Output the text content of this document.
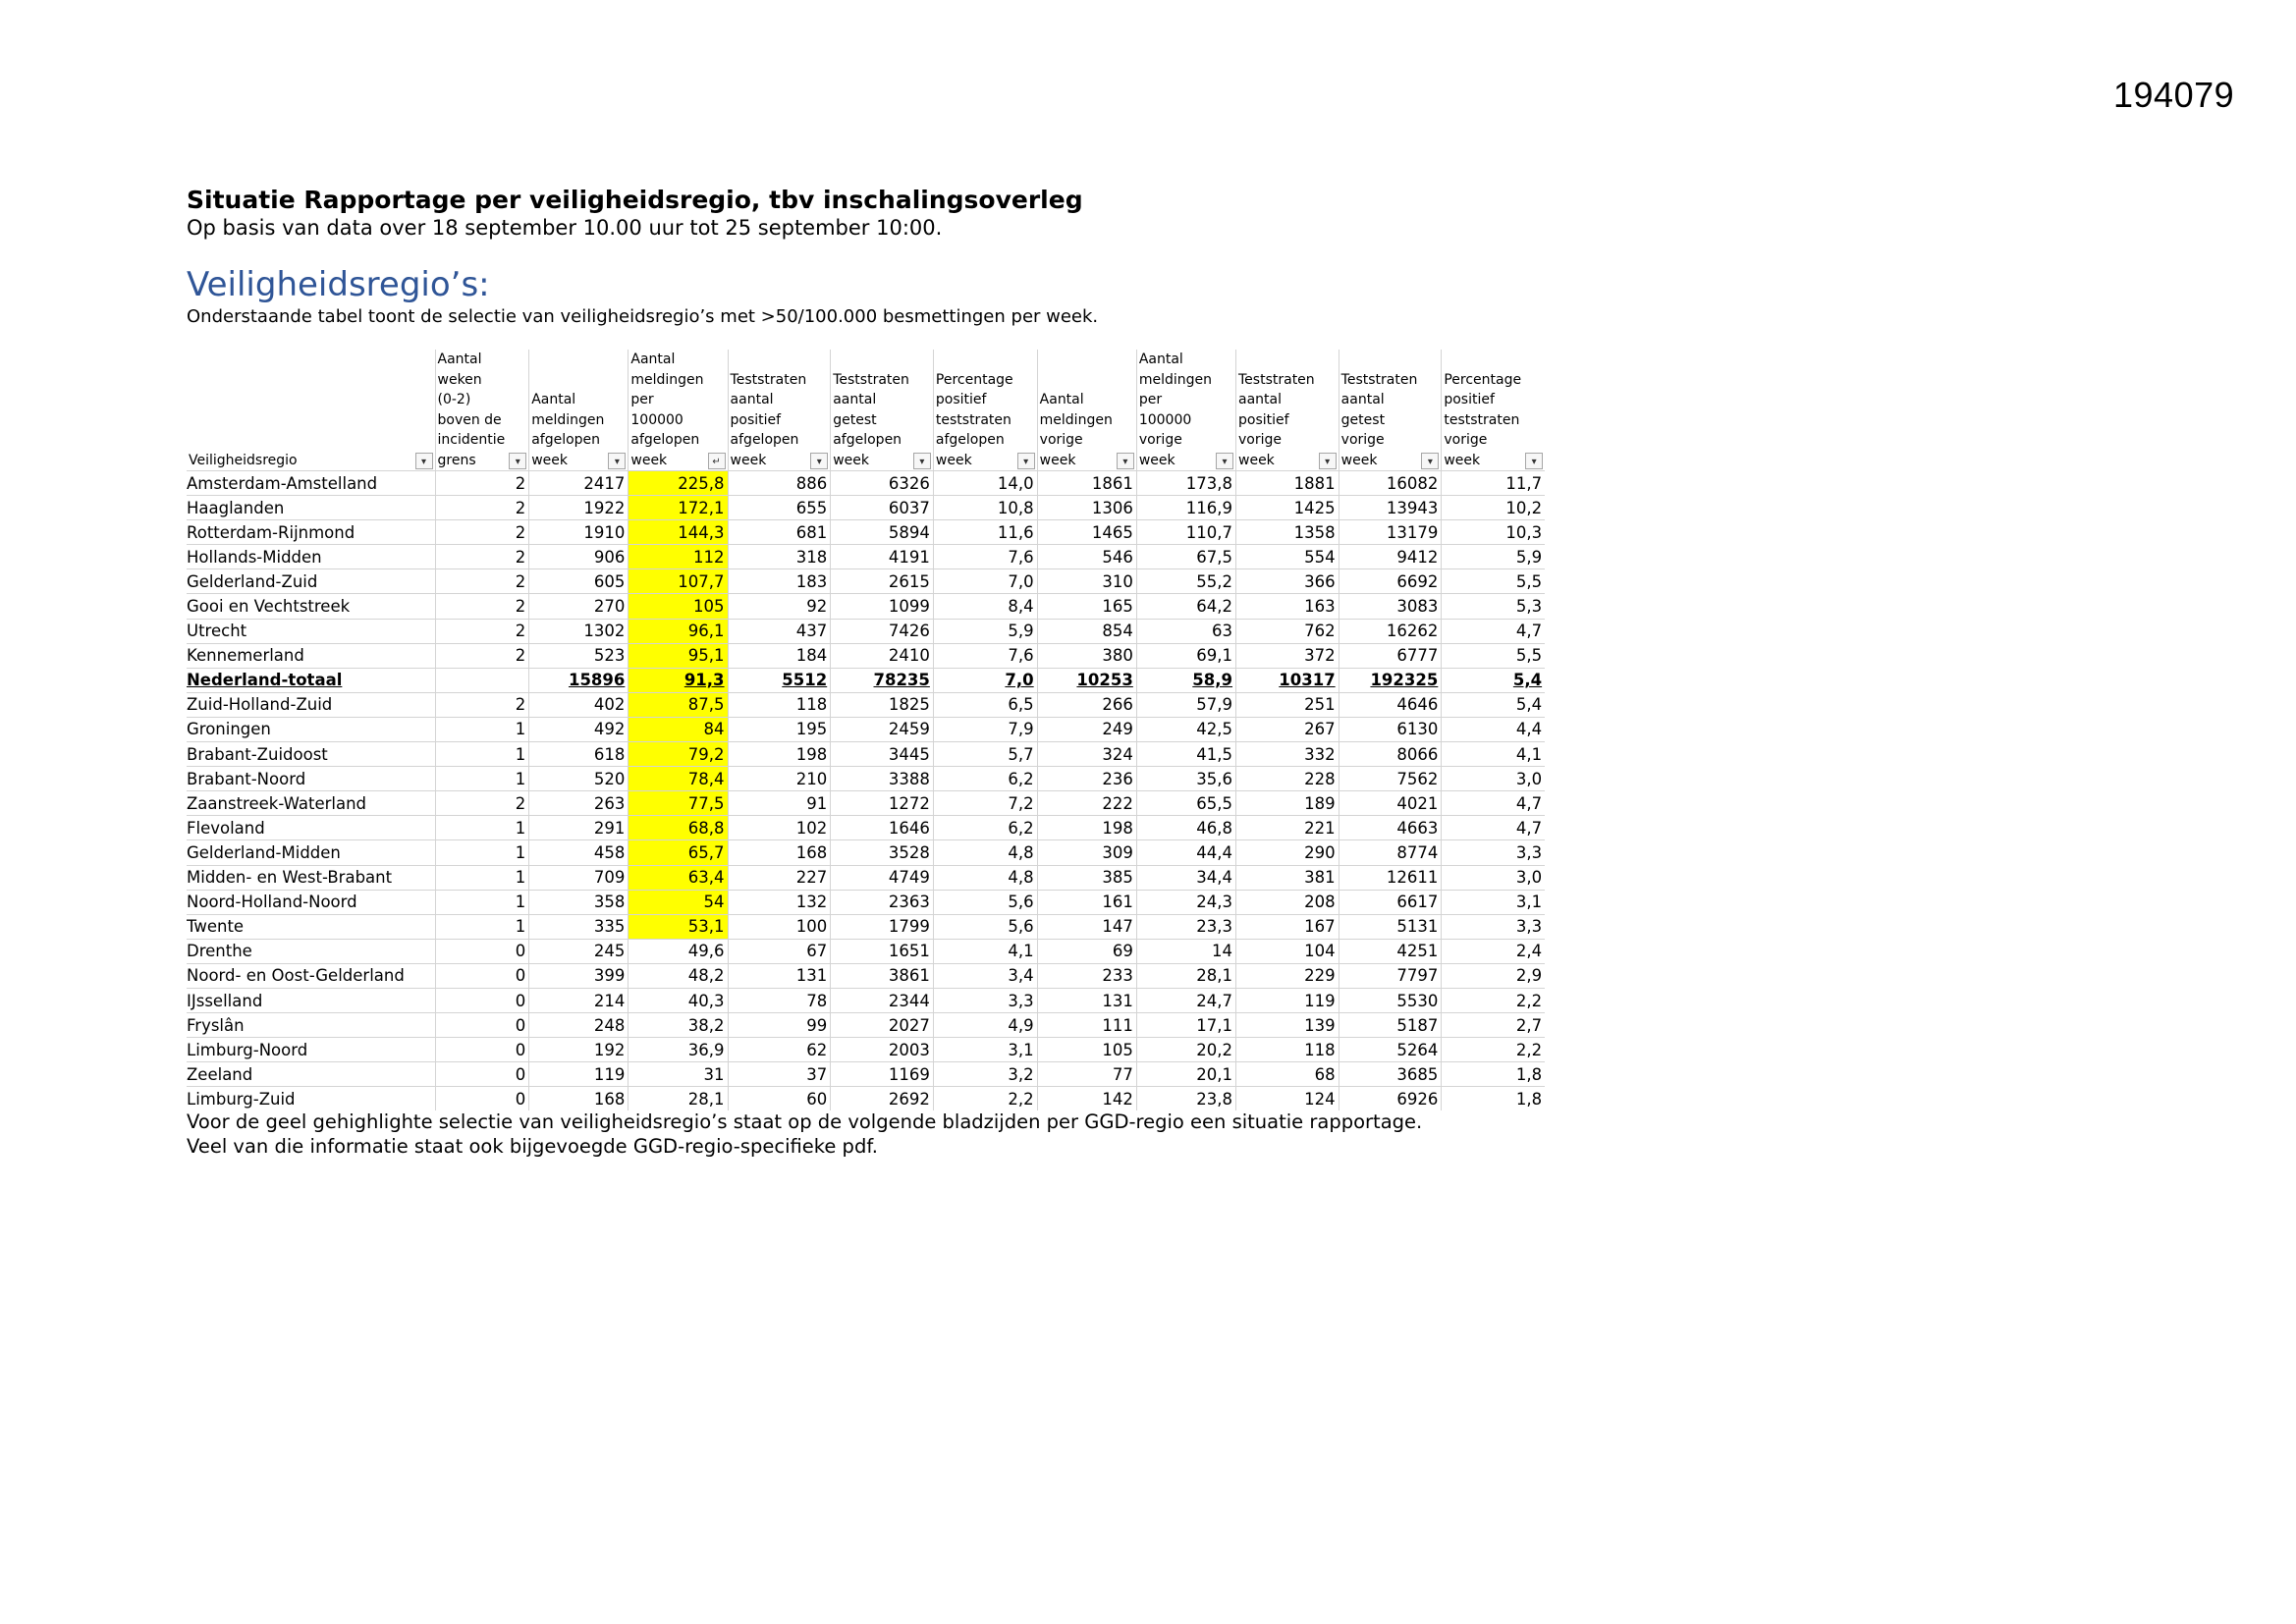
194079
Situatie Rapportage per veiligheidsregio, tbv inschalingsoverleg
Op basis van data over 18 september 10.00 uur tot 25 september 10:00.
Veiligheidsregio’s:
Onderstaande tabel toont de selectie van veiligheidsregio’s met >50/100.000 besmettingen per week.
Veiligheidsregio ▾	Aantal weken (0-2) boven de incidentie grens ▾	Aantal meldingen afgelopen week ▾	Aantal meldingen per 100000 afgelopen week ↵	Teststraten aantal positief afgelopen week ▾	Teststraten aantal getest afgelopen week ▾	Percentage positief teststraten afgelopen week ▾	Aantal meldingen vorige week ▾	Aantal meldingen per 100000 vorige week ▾	Teststraten aantal positief vorige week ▾	Teststraten aantal getest vorige week ▾	Percentage positief teststraten vorige week ▾

Amsterdam-Amstelland	2	2417	225,8	886	6326	14,0	1861	173,8	1881	16082	11,7
Haaglanden	2	1922	172,1	655	6037	10,8	1306	116,9	1425	13943	10,2
Rotterdam-Rijnmond	2	1910	144,3	681	5894	11,6	1465	110,7	1358	13179	10,3
Hollands-Midden	2	906	112	318	4191	7,6	546	67,5	554	9412	5,9
Gelderland-Zuid	2	605	107,7	183	2615	7,0	310	55,2	366	6692	5,5
Gooi en Vechtstreek	2	270	105	92	1099	8,4	165	64,2	163	3083	5,3
Utrecht	2	1302	96,1	437	7426	5,9	854	63	762	16262	4,7
Kennemerland	2	523	95,1	184	2410	7,6	380	69,1	372	6777	5,5
Nederland-totaal		15896	91,3	5512	78235	7,0	10253	58,9	10317	192325	5,4
Zuid-Holland-Zuid	2	402	87,5	118	1825	6,5	266	57,9	251	4646	5,4
Groningen	1	492	84	195	2459	7,9	249	42,5	267	6130	4,4
Brabant-Zuidoost	1	618	79,2	198	3445	5,7	324	41,5	332	8066	4,1
Brabant-Noord	1	520	78,4	210	3388	6,2	236	35,6	228	7562	3,0
Zaanstreek-Waterland	2	263	77,5	91	1272	7,2	222	65,5	189	4021	4,7
Flevoland	1	291	68,8	102	1646	6,2	198	46,8	221	4663	4,7
Gelderland-Midden	1	458	65,7	168	3528	4,8	309	44,4	290	8774	3,3
Midden- en West-Brabant	1	709	63,4	227	4749	4,8	385	34,4	381	12611	3,0
Noord-Holland-Noord	1	358	54	132	2363	5,6	161	24,3	208	6617	3,1
Twente	1	335	53,1	100	1799	5,6	147	23,3	167	5131	3,3
Drenthe	0	245	49,6	67	1651	4,1	69	14	104	4251	2,4
Noord- en Oost-Gelderland	0	399	48,2	131	3861	3,4	233	28,1	229	7797	2,9
IJsselland	0	214	40,3	78	2344	3,3	131	24,7	119	5530	2,2
Fryslân	0	248	38,2	99	2027	4,9	111	17,1	139	5187	2,7
Limburg-Noord	0	192	36,9	62	2003	3,1	105	20,2	118	5264	2,2
Zeeland	0	119	31	37	1169	3,2	77	20,1	68	3685	1,8
Limburg-Zuid	0	168	28,1	60	2692	2,2	142	23,8	124	6926	1,8
Voor de geel gehighlighte selectie van veiligheidsregio’s staat op de volgende bladzijden per GGD-regio een situatie rapportage.
Veel van die informatie staat ook bijgevoegde GGD-regio-specifieke pdf.
